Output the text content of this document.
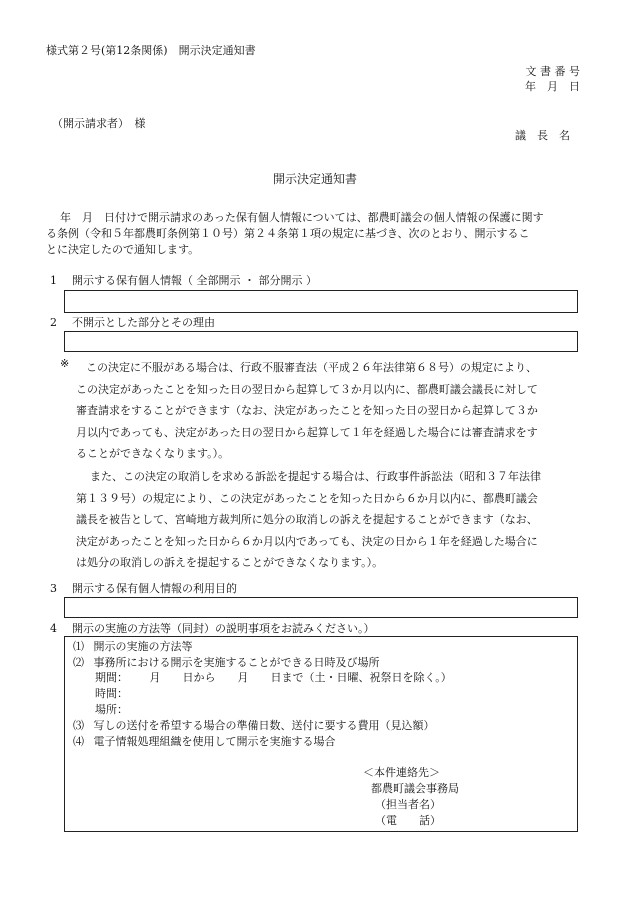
様式第２号(第12条関係)　開示決定通知書
文 書 番 号
年　月　日
（開示請求者）　様
議　長　名
開示決定通知書
年　月　日付けで開示請求のあった保有個人情報については、都農町議会の個人情報の保護に関す
る条例（令和５年都農町条例第１０号）第２４条第１項の規定に基づき、次のとおり、開示するこ
とに決定したので通知します。
1 開示する保有個人情報（ 全部開示 ・ 部分開示 ）
2 不開示とした部分とその理由
※	この決定に不服がある場合は、行政不服審査法（平成２６年法律第６８号）の規定により、
この決定があったことを知った日の翌日から起算して３か月以内に、都農町議会議長に対して
審査請求をすることができます（なお、決定があったことを知った日の翌日から起算して３か
月以内であっても、決定があった日の翌日から起算して１年を経過した場合には審査請求をす
ることができなくなります。）。
また、この決定の取消しを求める訴訟を提起する場合は、行政事件訴訟法（昭和３７年法律
第１３９号）の規定により、この決定があったことを知った日から６か月以内に、都農町議会
議長を被告として、宮崎地方裁判所に処分の取消しの訴えを提起することができます（なお、
決定があったことを知った日から６か月以内であっても、決定の日から１年を経過した場合に
は処分の取消しの訴えを提起することができなくなります。）。
3 開示する保有個人情報の利用目的
4 開示の実施の方法等（同封）の説明事項をお読みください。）
⑴ 開示の実施の方法等
⑵ 事務所における開示を実施することができる日時及び場所
期間： 月　　日から　　月　　日まで（土・日曜、祝祭日を除く。）
時間：
場所：
⑶ 写しの送付を希望する場合の準備日数、送付に要する費用（見込額）
⑷ 電子情報処理組織を使用して開示を実施する場合
＜本件連絡先＞
都農町議会事務局
（担当者名）
（電　　話）
